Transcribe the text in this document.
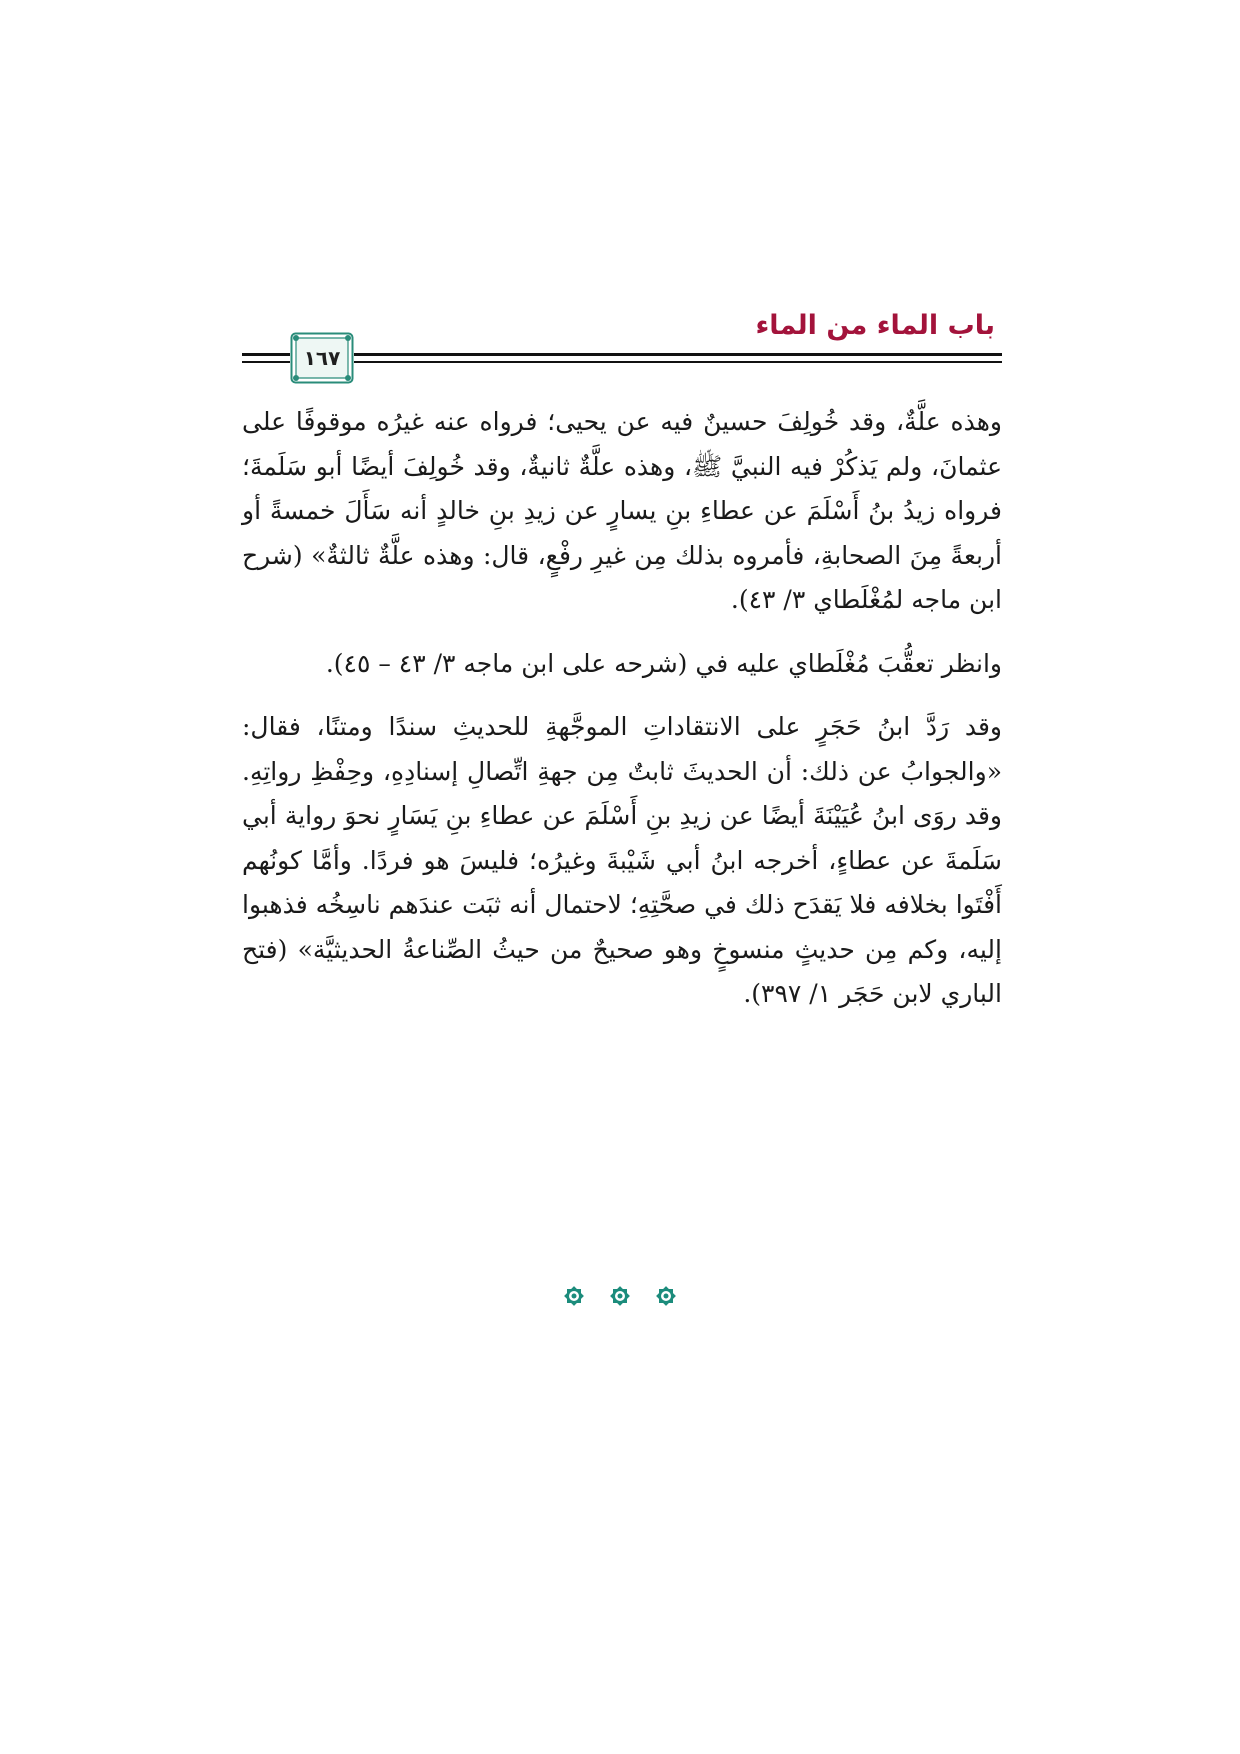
باب الماء من الماء
١٦٧

وهذه علَّةٌ، وقد خُولِفَ حسينٌ فيه عن يحيى؛ فرواه عنه غيرُه موقوفًا على عثمانَ، ولم يَذكُرْ فيه النبيَّ ﷺ، وهذه علَّةٌ ثانيةٌ، وقد خُولِفَ أيضًا أبو سَلَمةَ؛ فرواه زيدُ بنُ أَسْلَمَ عن عطاءِ بنِ يسارٍ عن زيدِ بنِ خالدٍ أنه سَأَلَ خمسةً أو أربعةً مِنَ الصحابةِ، فأمروه بذلك مِن غيرِ رفْعٍ، قال: وهذه علَّةٌ ثالثةٌ» (شرح ابن ماجه لمُغْلَطاي ٣/ ٤٣).

وانظر تعقُّبَ مُغْلَطاي عليه في (شرحه على ابن ماجه ٣/ ٤٣ – ٤٥).

وقد رَدَّ ابنُ حَجَرٍ على الانتقاداتِ الموجَّهةِ للحديثِ سندًا ومتنًا، فقال: «والجوابُ عن ذلك: أن الحديثَ ثابتٌ مِن جهةِ اتِّصالِ إسنادِهِ، وحِفْظِ رواتِهِ. وقد روَى ابنُ عُيَيْنَةَ أيضًا عن زيدِ بنِ أَسْلَمَ عن عطاءِ بنِ يَسَارٍ نحوَ رواية أبي سَلَمةَ عن عطاءٍ، أخرجه ابنُ أبي شَيْبةَ وغيرُه؛ فليسَ هو فردًا. وأمَّا كونُهم أَفْتَوا بخلافه فلا يَقدَح ذلك في صحَّتِهِ؛ لاحتمال أنه ثبَت عندَهم ناسِخُه فذهبوا إليه، وكم مِن حديثٍ منسوخٍ وهو صحيحٌ من حيثُ الصِّناعةُ الحديثيَّة» (فتح الباري لابن حَجَر ١/ ٣٩٧).
